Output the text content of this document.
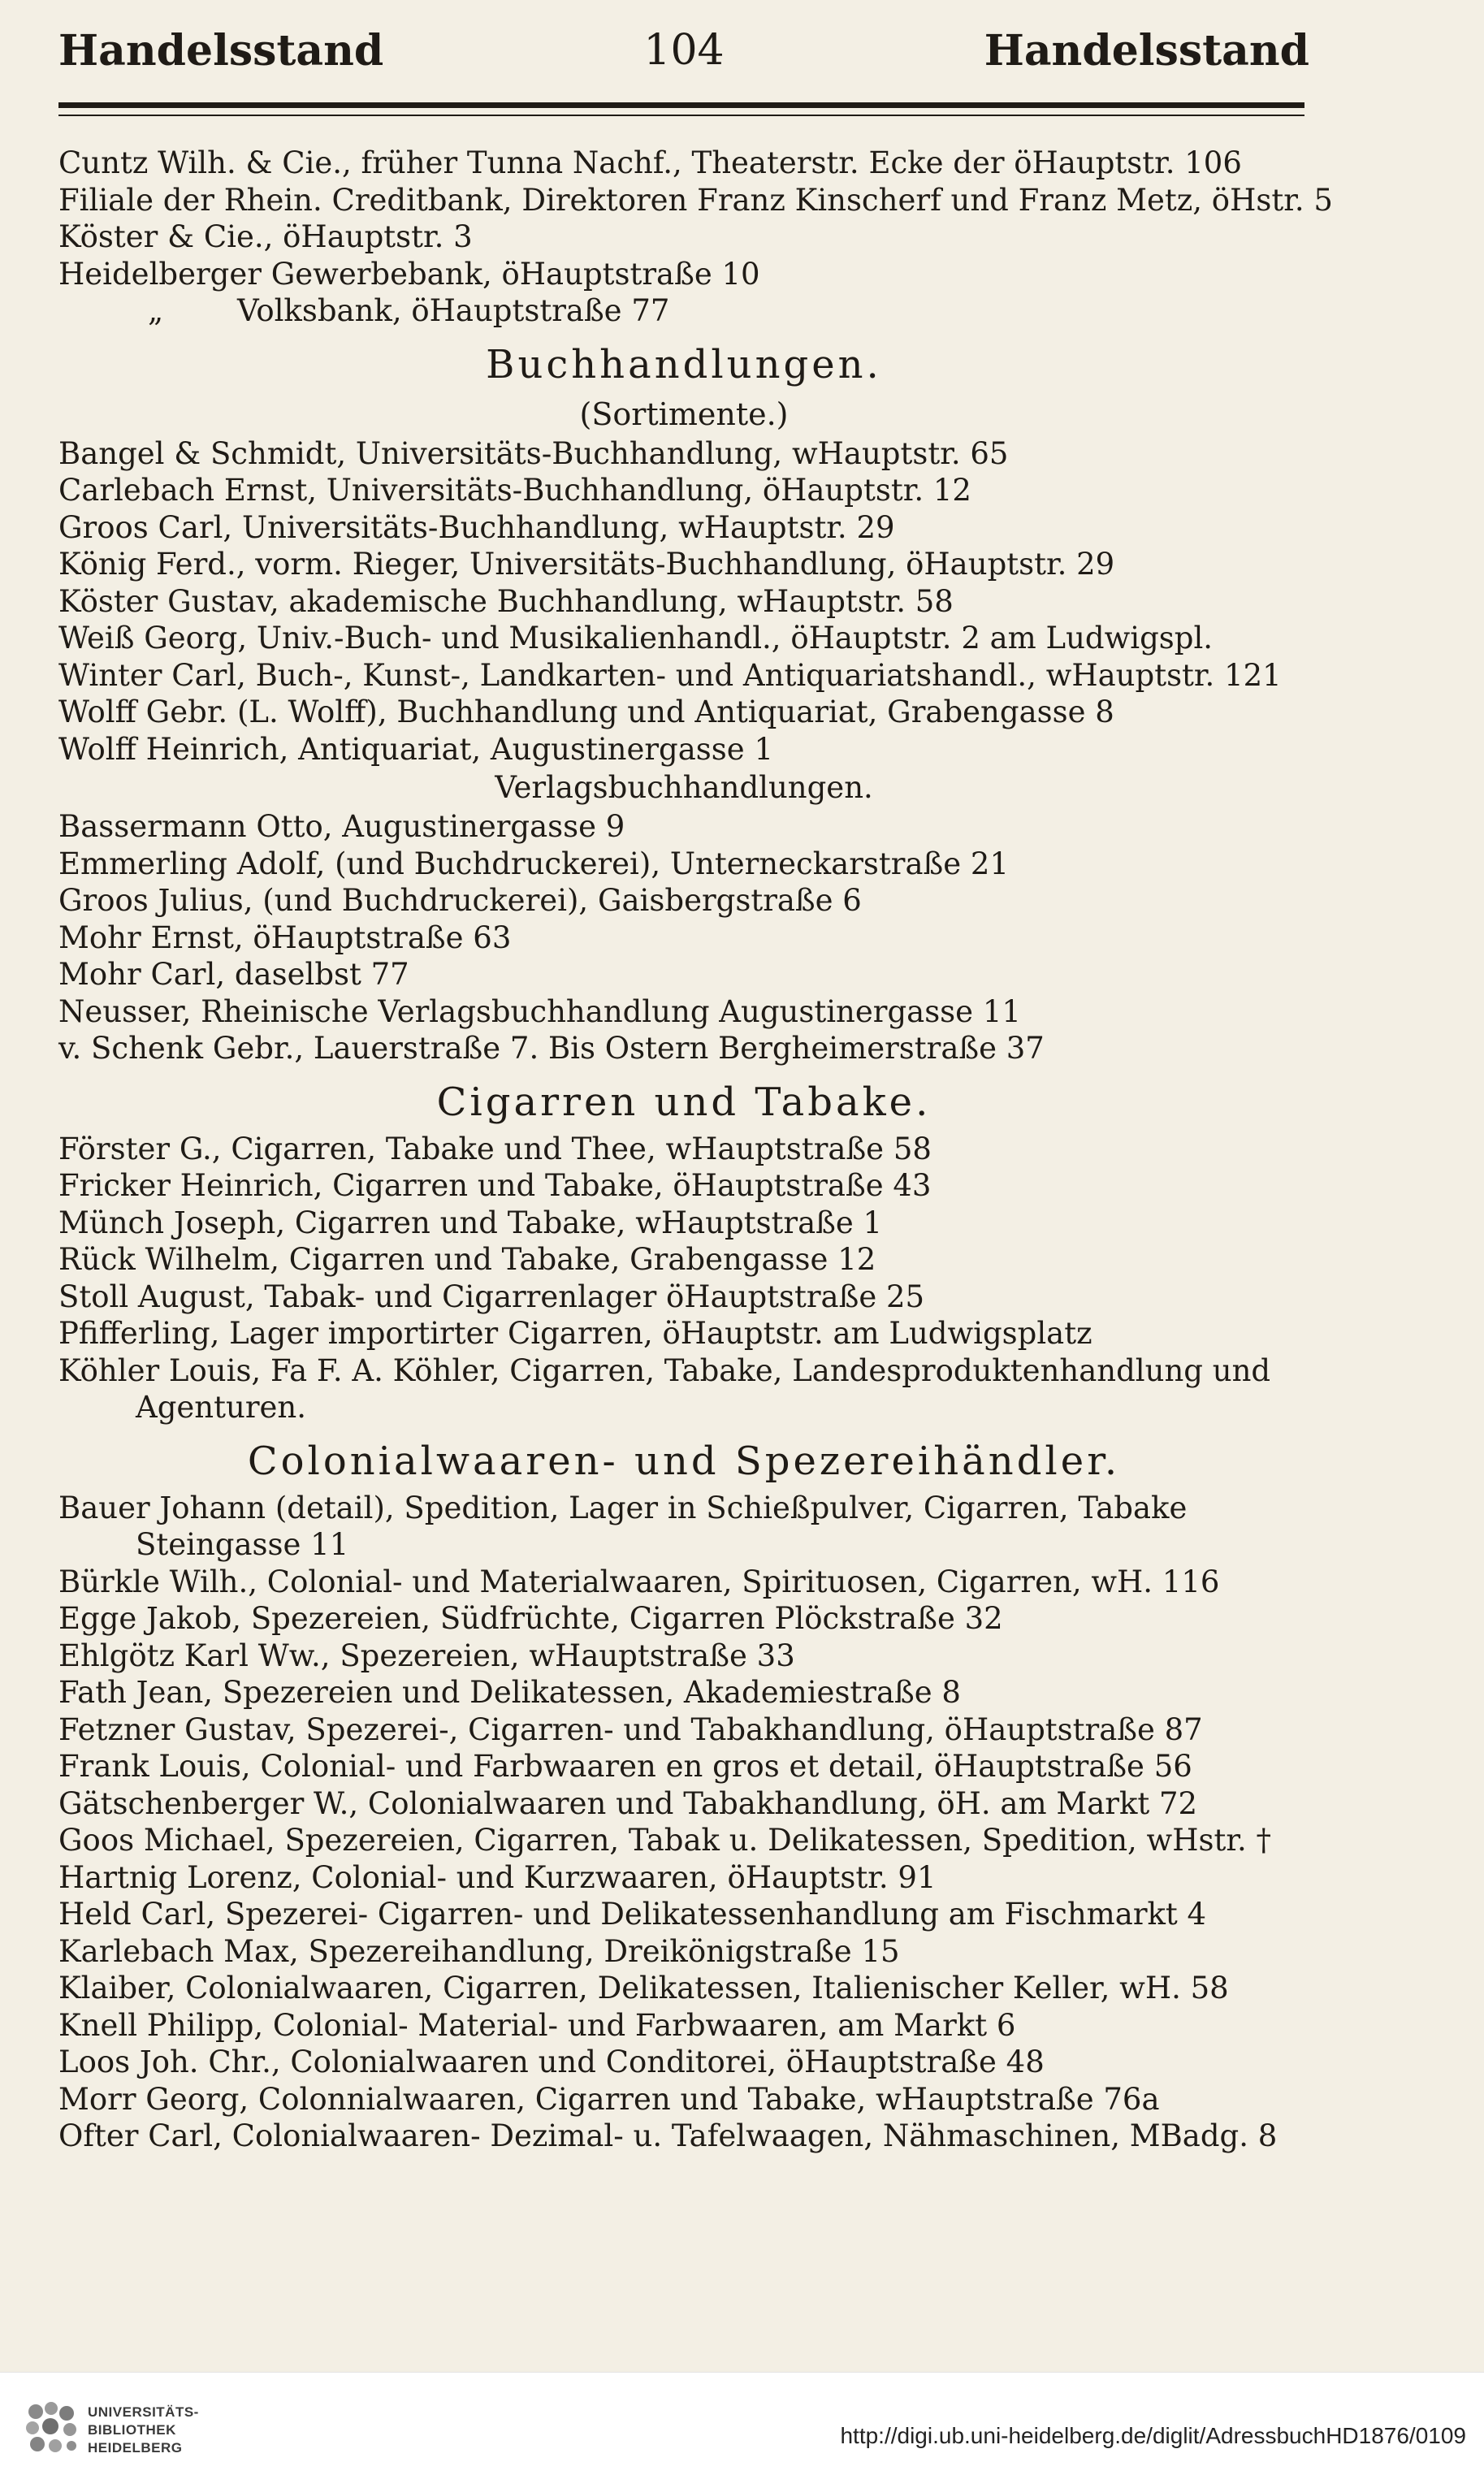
Handelsstand	104	Handelsstand
Cuntz Wilh. & Cie., früher Tunna Nachf., Theaterstr. Ecke der öHauptstr. 106
Filiale der Rhein. Creditbank, Direktoren Franz Kinscherf und Franz Metz, öHstr. 5
Köster & Cie., öHauptstr. 3
Heidelberger Gewerbebank, öHauptstraße 10
„ Volksbank, öHauptstraße 77
Buchhandlungen.
(Sortimente.)
Bangel & Schmidt, Universitäts-Buchhandlung, wHauptstr. 65
Carlebach Ernst, Universitäts-Buchhandlung, öHauptstr. 12
Groos Carl, Universitäts-Buchhandlung, wHauptstr. 29
König Ferd., vorm. Rieger, Universitäts-Buchhandlung, öHauptstr. 29
Köster Gustav, akademische Buchhandlung, wHauptstr. 58
Weiß Georg, Univ.-Buch- und Musikalienhandl., öHauptstr. 2 am Ludwigspl.
Winter Carl, Buch-, Kunst-, Landkarten- und Antiquariatshandl., wHauptstr. 121
Wolff Gebr. (L. Wolff), Buchhandlung und Antiquariat, Grabengasse 8
Wolff Heinrich, Antiquariat, Augustinergasse 1
Verlagsbuchhandlungen.
Bassermann Otto, Augustinergasse 9
Emmerling Adolf, (und Buchdruckerei), Unterneckarstraße 21
Groos Julius, (und Buchdruckerei), Gaisbergstraße 6
Mohr Ernst, öHauptstraße 63
Mohr Carl, daselbst 77
Neusser, Rheinische Verlagsbuchhandlung Augustinergasse 11
v. Schenk Gebr., Lauerstraße 7. Bis Ostern Bergheimerstraße 37
Cigarren und Tabake.
Förster G., Cigarren, Tabake und Thee, wHauptstraße 58
Fricker Heinrich, Cigarren und Tabake, öHauptstraße 43
Münch Joseph, Cigarren und Tabake, wHauptstraße 1
Rück Wilhelm, Cigarren und Tabake, Grabengasse 12
Stoll August, Tabak- und Cigarrenlager öHauptstraße 25
Pfifferling, Lager importirter Cigarren, öHauptstr. am Ludwigsplatz
Köhler Louis, Fa F. A. Köhler, Cigarren, Tabake, Landesproduktenhandlung und
Agenturen.
Colonialwaaren- und Spezereihändler.
Bauer Johann (detail), Spedition, Lager in Schießpulver, Cigarren, Tabake
Steingasse 11
Bürkle Wilh., Colonial- und Materialwaaren, Spirituosen, Cigarren, wH. 116
Egge Jakob, Spezereien, Südfrüchte, Cigarren Plöckstraße 32
Ehlgötz Karl Ww., Spezereien, wHauptstraße 33
Fath Jean, Spezereien und Delikatessen, Akademiestraße 8
Fetzner Gustav, Spezerei-, Cigarren- und Tabakhandlung, öHauptstraße 87
Frank Louis, Colonial- und Farbwaaren en gros et detail, öHauptstraße 56
Gätschenberger W., Colonialwaaren und Tabakhandlung, öH. am Markt 72
Goos Michael, Spezereien, Cigarren, Tabak u. Delikatessen, Spedition, wHstr. †
Hartnig Lorenz, Colonial- und Kurzwaaren, öHauptstr. 91
Held Carl, Spezerei- Cigarren- und Delikatessenhandlung am Fischmarkt 4
Karlebach Max, Spezereihandlung, Dreikönigstraße 15
Klaiber, Colonialwaaren, Cigarren, Delikatessen, Italienischer Keller, wH. 58
Knell Philipp, Colonial- Material- und Farbwaaren, am Markt 6
Loos Joh. Chr., Colonialwaaren und Conditorei, öHauptstraße 48
Morr Georg, Colonnialwaaren, Cigarren und Tabake, wHauptstraße 76a
Ofter Carl, Colonialwaaren- Dezimal- u. Tafelwaagen, Nähmaschinen, MBadg. 8
UNIVERSITÄTS-
BIBLIOTHEK
HEIDELBERG	http://digi.ub.uni-heidelberg.de/diglit/AdressbuchHD1876/0109
